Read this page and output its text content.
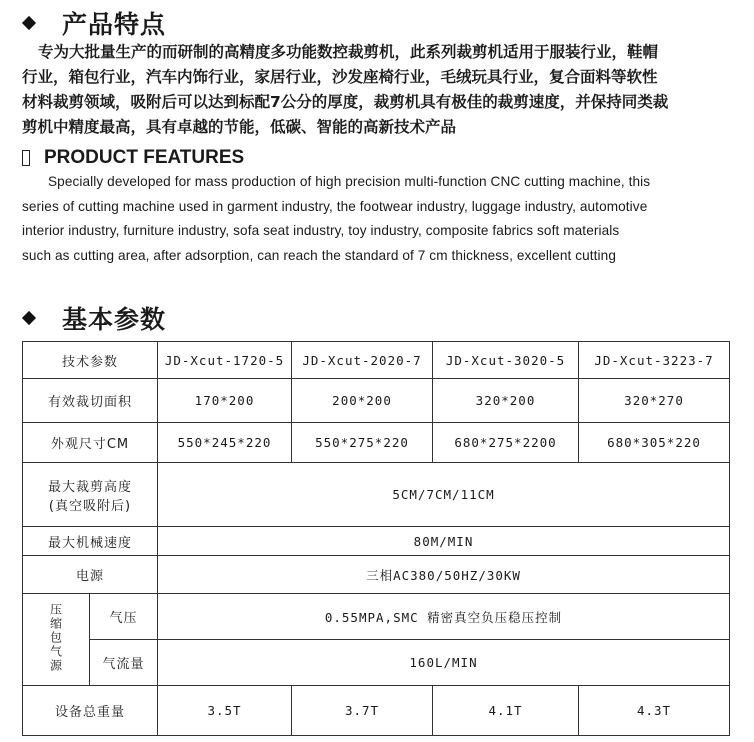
产品特点
专为大批量生产的而研制的高精度多功能数控裁剪机，此系列裁剪机适用于服装行业，鞋帽
行业，箱包行业，汽车内饰行业，家居行业，沙发座椅行业，毛绒玩具行业，复合面料等软性
材料裁剪领域，吸附后可以达到标配7公分的厚度，裁剪机具有极佳的裁剪速度，并保持同类裁
剪机中精度最高，具有卓越的节能，低碳、智能的高新技术产品
PRODUCT FEATURES
Specially developed for mass production of high precision multi-function CNC cutting machine, this
series of cutting machine used in garment industry, the footwear industry, luggage industry, automotive
interior industry, furniture industry, sofa seat industry, toy industry, composite fabrics soft materials
such as cutting area, after adsorption, can reach the standard of 7 cm thickness, excellent cutting
基本参数
技术参数		JD-Xcut-1720-5	JD-Xcut-2020-7	JD-Xcut-3020-5	JD-Xcut-3223-7
有效裁切面积		170*200	200*200	320*200	320*270
外观尺寸CM		550*245*220	550*275*220	680*275*2200	680*305*220

最大裁剪高度
(真空吸附后)		5CM/7CM/11CM			
最大机械速度		80M/MIN			
电源		三相AC380/50HZ/30KW			
压缩包气源	气压	0.55MPA,SMC 精密真空负压稳压控制			
	气流量	160L/MIN			
设备总重量		3.5T	3.7T	4.1T	4.3T
